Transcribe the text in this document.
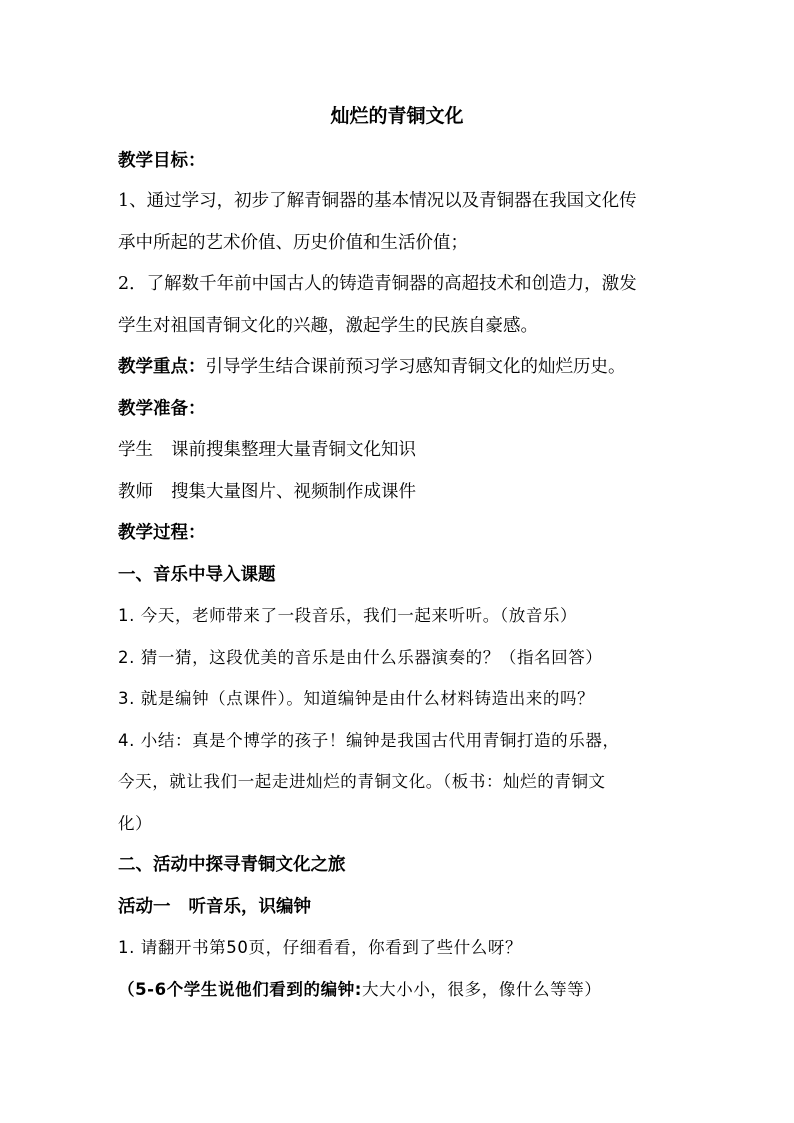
灿烂的青铜文化
教学目标：
1、通过学习，初步了解青铜器的基本情况以及青铜器在我国文化传
承中所起的艺术价值、历史价值和生活价值；
2．了解数千年前中国古人的铸造青铜器的高超技术和创造力，激发
学生对祖国青铜文化的兴趣，激起学生的民族自豪感。
教学重点：引导学生结合课前预习学习感知青铜文化的灿烂历史。
教学准备：
学生 课前搜集整理大量青铜文化知识
教师 搜集大量图片、视频制作成课件
教学过程：
一、音乐中导入课题
1. 今天，老师带来了一段音乐，我们一起来听听。（放音乐）
2. 猜一猜，这段优美的音乐是由什么乐器演奏的？（指名回答）
3. 就是编钟（点课件）。知道编钟是由什么材料铸造出来的吗？
4. 小结：真是个博学的孩子！编钟是我国古代用青铜打造的乐器，
今天，就让我们一起走进灿烂的青铜文化。（板书：灿烂的青铜文
化）
二、活动中探寻青铜文化之旅
活动一 听音乐，识编钟
1. 请翻开书第50页，仔细看看，你看到了些什么呀？
（5-6个学生说他们看到的编钟:大大小小，很多，像什么等等）
